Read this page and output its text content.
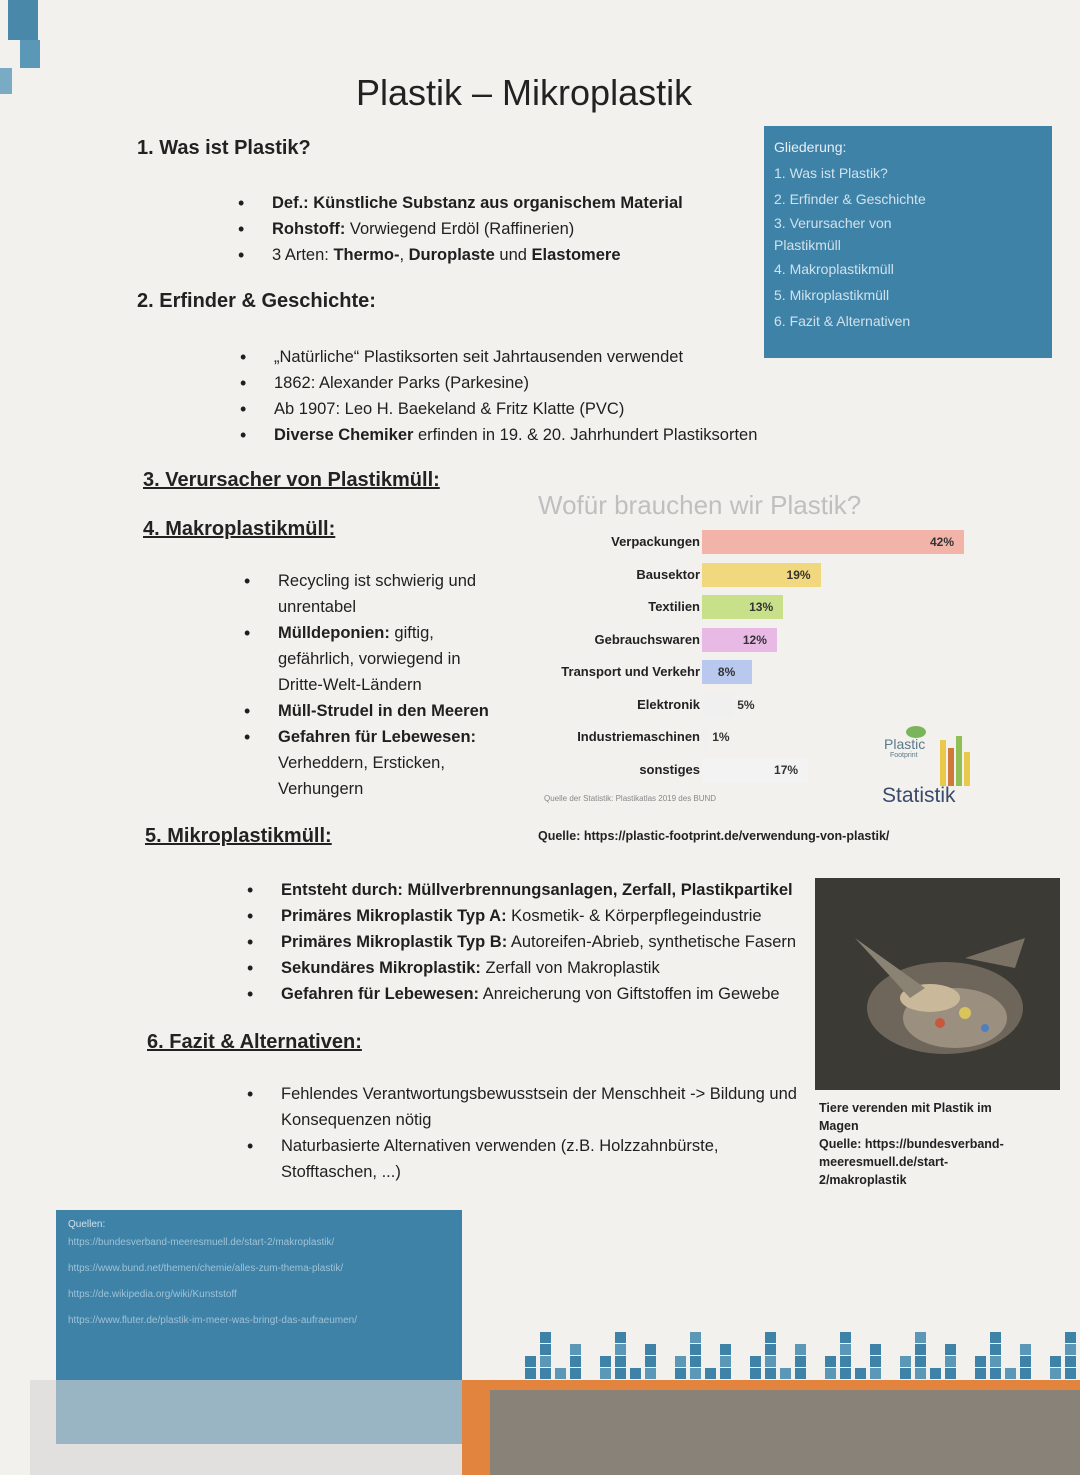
Plastik – Mikroplastik
Gliederung:
1. Was ist Plastik?
2. Erfinder & Geschichte
3. Verursacher von Plastikmüll
4. Makroplastikmüll
5. Mikroplastikmüll
6. Fazit & Alternativen
1. Was ist Plastik?
• Def.: Künstliche Substanz aus organischem Material
• Rohstoff: Vorwiegend Erdöl (Raffinerien)
• 3 Arten: Thermo-, Duroplaste und Elastomere
2. Erfinder & Geschichte:
• „Natürliche“ Plastiksorten seit Jahrtausenden verwendet
• 1862: Alexander Parks (Parkesine)
• Ab 1907: Leo H. Baekeland & Fritz Klatte (PVC)
• Diverse Chemiker erfinden in 19. & 20. Jahrhundert Plastiksorten
3. Verursacher von Plastikmüll:
4. Makroplastikmüll:
• Recycling ist schwierig und unrentabel
• Mülldeponien: giftig, gefährlich, vorwiegend in Dritte-Welt-Ländern
• Müll-Strudel in den Meeren
• Gefahren für Lebewesen: Verheddern, Ersticken, Verhungern
Wofür brauchen wir Plastik?
Verpackungen	42%
Bausektor	19%
Textilien	13%
Gebrauchswaren	12%
Transport und Verkehr 8%
Elektronik	5%
Industriemaschinen 1%
sonstiges	17%
Quelle der Statistik: Plastikatlas 2019 des BUND
Quelle: https://plastic-footprint.de/verwendung-von-plastik/
Plastic
Footprint
Statistik
5. Mikroplastikmüll:
• Entsteht durch: Müllverbrennungsanlagen, Zerfall, Plastikpartikel
• Primäres Mikroplastik Typ A: Kosmetik- & Körperpflegeindustrie
• Primäres Mikroplastik Typ B: Autoreifen-Abrieb, synthetische Fasern
• Sekundäres Mikroplastik: Zerfall von Makroplastik
• Gefahren für Lebewesen: Anreicherung von Giftstoffen im Gewebe
Tiere verenden mit Plastik im Magen
Quelle: https://bundesverband-meeresmuell.de/start-2/makroplastik
6. Fazit & Alternativen:
• Fehlendes Verantwortungsbewusstsein der Menschheit -> Bildung und Konsequenzen nötig
• Naturbasierte Alternativen verwenden (z.B. Holzzahnbürste, Stofftaschen, ...)

Quellen:

https://bundesverband-meeresmuell.de/start-2/makroplastik/

https://www.bund.net/themen/chemie/alles-zum-thema-plastik/

https://de.wikipedia.org/wiki/Kunststoff

https://www.fluter.de/plastik-im-meer-was-bringt-das-aufraeumen/
